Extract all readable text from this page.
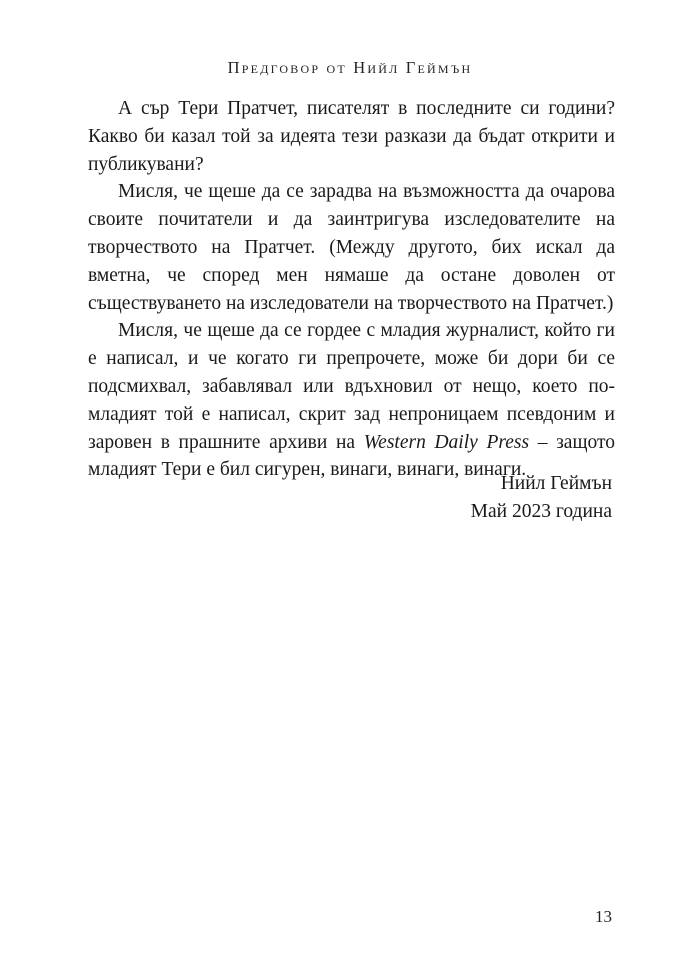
Предговор от Нийл Геймън

А сър Тери Пратчет, писателят в последните си години? Какво би казал той за идеята тези разкази да бъдат открити и публикувани?

Мисля, че щеше да се зарадва на възможността да очарова своите почитатели и да заинтригува изследователите на творчеството на Пратчет. (Между другото, бих искал да вметна, че според мен нямаше да остане доволен от съществуването на изследователи на творчеството на Пратчет.)

Мисля, че щеше да се гордее с младия журналист, който ги е написал, и че когато ги препрочете, може би дори би се подсмихвал, забавлявал или вдъхновил от нещо, което по-младият той е написал, скрит зад непроницаем псевдоним и заровен в прашните архиви на Western Daily Press – защото младият Тери е бил сигурен, винаги, винаги, винаги.

Нийл Геймън
Май 2023 година
13
